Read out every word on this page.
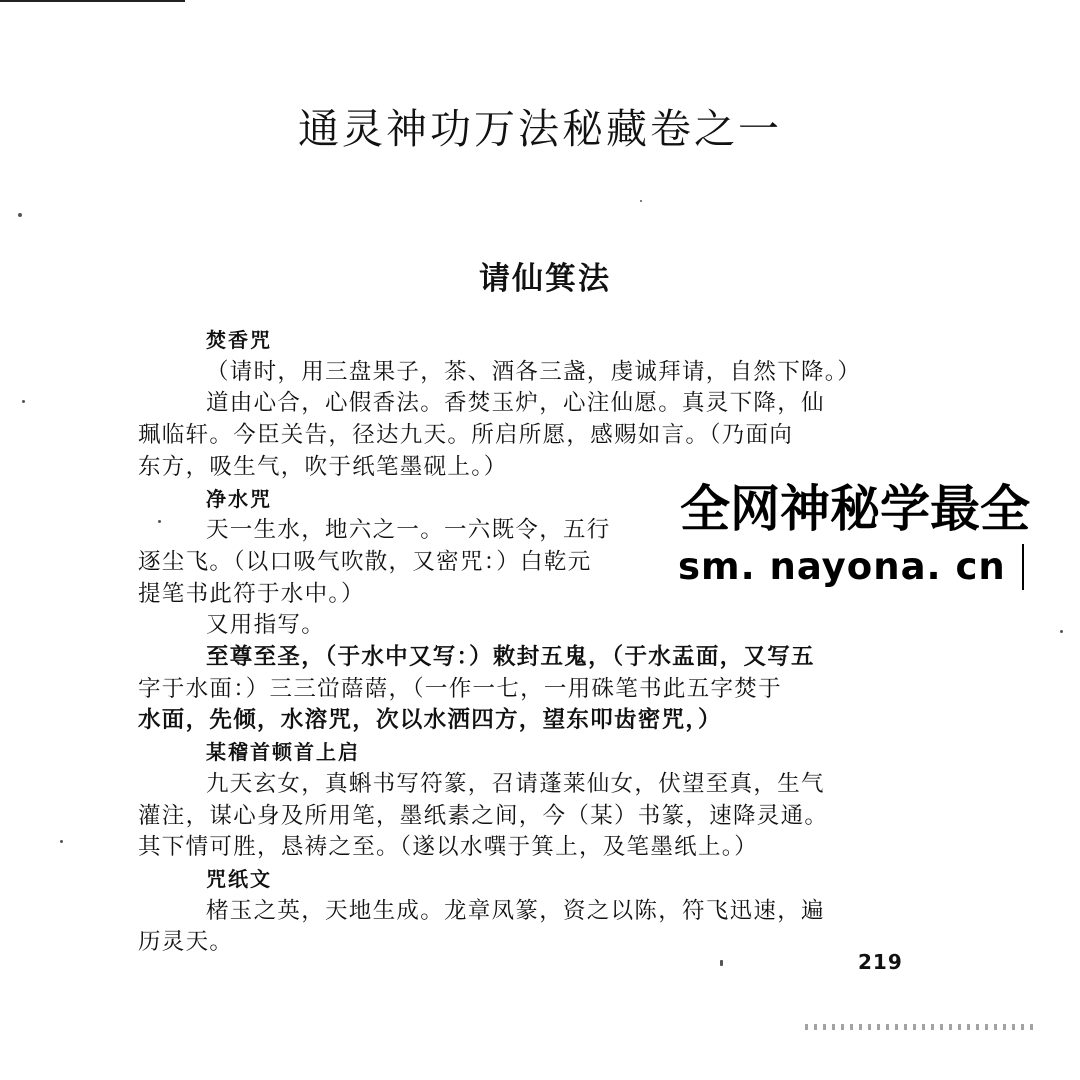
通灵神功万法秘藏卷之一
请仙箕法
焚香咒
（请时，用三盘果子，茶、酒各三盏，虔诚拜请，自然下降。）
道由心合，心假香法。香焚玉炉，心注仙愿。真灵下降，仙
珮临轩。今臣关告，径达九天。所启所愿，感赐如言。（乃面向
东方，吸生气，吹于纸笔墨砚上。）
净水咒
天一生水，地六之一。一六既令，五行
逐尘飞。（以口吸气吹散，又密咒：）白乾元
提笔书此符于水中。）
又用指写。
至尊至圣，（于水中又写：）敕封五鬼，（于水盂面，又写五
字于水面：）三三峃䔒䔒，（一作一七，一用硃笔书此五字焚于
水面，先倾，水溶咒，次以水洒四方，望东叩齿密咒，）
某稽首顿首上启
九天玄女，真蝌书写符篆，召请蓬莱仙女，伏望至真，生气
灌注，谋心身及所用笔，墨纸素之间，今（某）书篆，速降灵通。
其下情可胜，恳祷之至。（遂以水噀于箕上，及笔墨纸上。）
咒纸文
楮玉之英，天地生成。龙章凤篆，资之以陈，符飞迅速，遍
历灵天。
219
全网神秘学最全
sm. nayona. cn
